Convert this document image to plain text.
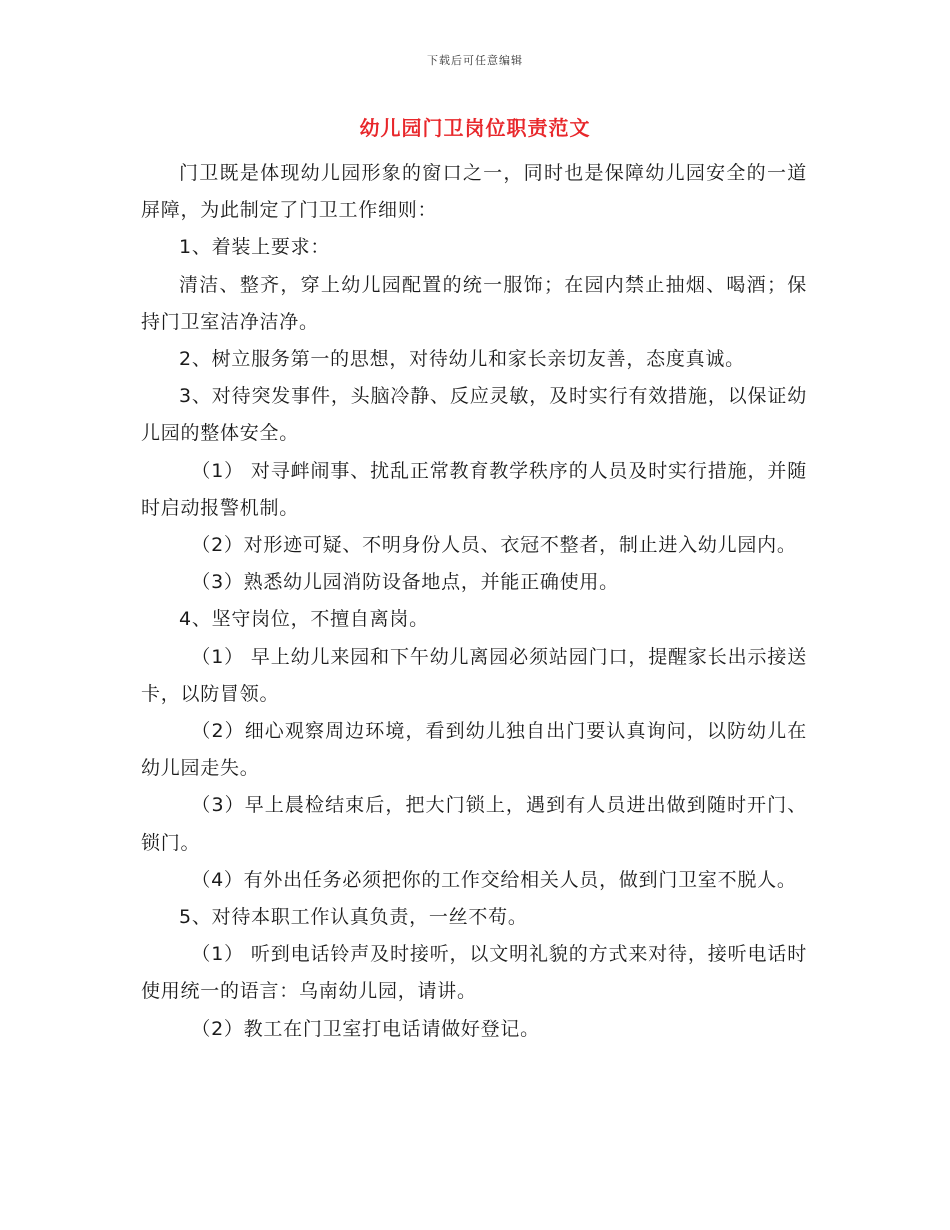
下载后可任意编辑
幼儿园门卫岗位职责范文

门卫既是体现幼儿园形象的窗口之一，同时也是保障幼儿园安全的一道屏障，为此制定了门卫工作细则：

1、着装上要求：

清洁、整齐，穿上幼儿园配置的统一服饰；在园内禁止抽烟、喝酒；保持门卫室洁净洁净。

2、树立服务第一的思想，对待幼儿和家长亲切友善，态度真诚。

3、对待突发事件，头脑冷静、反应灵敏，及时实行有效措施，以保证幼儿园的整体安全。

（1） 对寻衅闹事、扰乱正常教育教学秩序的人员及时实行措施，并随时启动报警机制。

（2）对形迹可疑、不明身份人员、衣冠不整者，制止进入幼儿园内。

（3）熟悉幼儿园消防设备地点，并能正确使用。

4、坚守岗位，不擅自离岗。

（1） 早上幼儿来园和下午幼儿离园必须站园门口，提醒家长出示接送卡，以防冒领。

（2）细心观察周边环境，看到幼儿独自出门要认真询问，以防幼儿在幼儿园走失。

（3）早上晨检结束后，把大门锁上，遇到有人员进出做到随时开门、锁门。

（4）有外出任务必须把你的工作交给相关人员，做到门卫室不脱人。

5、对待本职工作认真负责，一丝不苟。

（1） 听到电话铃声及时接听，以文明礼貌的方式来对待，接听电话时使用统一的语言：乌南幼儿园，请讲。

（2）教工在门卫室打电话请做好登记。
